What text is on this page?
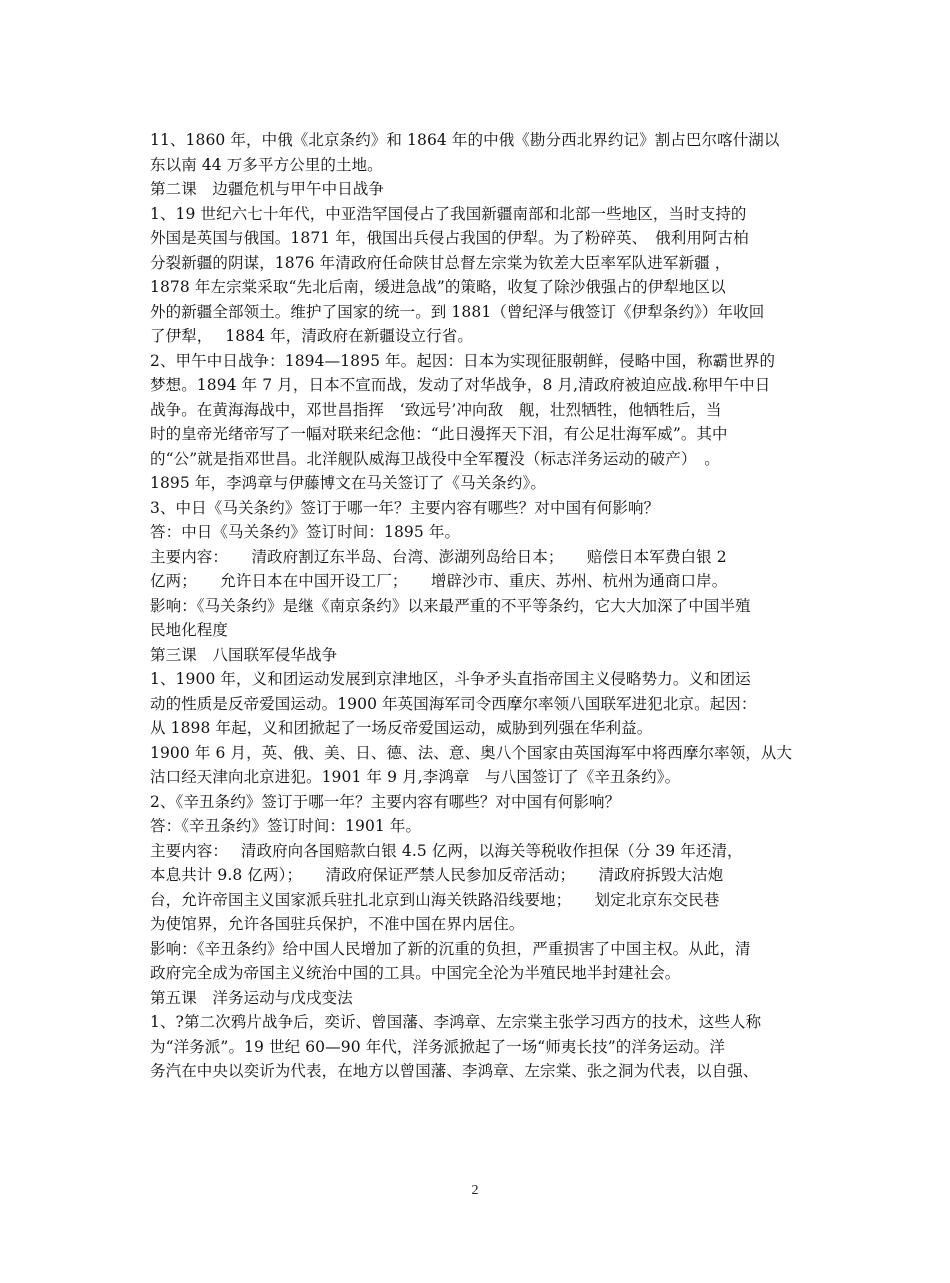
11、1860 年，中俄《北京条约》和 1864 年的中俄《勘分西北界约记》割占巴尔喀什湖以
东以南 44 万多平方公里的土地。
第二课　边疆危机与甲午中日战争
1、19 世纪六七十年代，中亚浩罕国侵占了我国新疆南部和北部一些地区，当时支持的
外国是英国与俄国。1871 年，俄国出兵侵占我国的伊犁。为了粉碎英、　俄利用阿古柏
分裂新疆的阴谋，1876 年清政府任命陕甘总督左宗棠为钦差大臣率军队进军新疆 ，
1878 年左宗棠采取“先北后南，缓进急战”的策略，收复了除沙俄强占的伊犁地区以
外的新疆全部领土。维护了国家的统一。到 1881（曾纪泽与俄签订《伊犁条约》）年收回
了伊犁，　 1884 年，清政府在新疆设立行省。
2、甲午中日战争：1894—1895 年。起因：日本为实现征服朝鲜，侵略中国，称霸世界的
梦想。1894 年 7 月，日本不宣而战，发动了对华战争，8 月,清政府被迫应战.称甲午中日
战争。在黄海海战中，邓世昌指挥　‘致远号’冲向敌　舰，壮烈牺牲，他牺牲后，当
时的皇帝光绪帝写了一幅对联来纪念他：“此日漫挥天下泪，有公足壮海军威”。其中
的“公”就是指邓世昌。北洋舰队威海卫战役中全军覆没（标志洋务运动的破产）　。
1895 年，李鸿章与伊藤博文在马关签订了《马关条约》。
3、中日《马关条约》签订于哪一年？主要内容有哪些？对中国有何影响？
答：中日《马关条约》签订时间：1895 年。
主要内容：　　清政府割辽东半岛、台湾、澎湖列岛给日本；　　赔偿日本军费白银 2
亿两；　　允许日本在中国开设工厂；　　增辟沙市、重庆、苏州、杭州为通商口岸。
影响：《马关条约》是继《南京条约》以来最严重的不平等条约，它大大加深了中国半殖
民地化程度
第三课　八国联军侵华战争
1、1900 年，义和团运动发展到京津地区，斗争矛头直指帝国主义侵略势力。义和团运
动的性质是反帝爱国运动。1900 年英国海军司令西摩尔率领八国联军进犯北京。起因：
从 1898 年起，义和团掀起了一场反帝爱国运动，威胁到列强在华利益。
1900 年 6 月，英、俄、美、日、德、法、意、奥八个国家由英国海军中将西摩尔率领，从大
沽口经天津向北京进犯。1901 年 9 月,李鸿章　与八国签订了《辛丑条约》。
2、《辛丑条约》签订于哪一年？主要内容有哪些？对中国有何影响？
答：《辛丑条约》签订时间：1901 年。
主要内容：　 清政府向各国赔款白银 4.5 亿两，以海关等税收作担保（分 39 年还清，
本息共计 9.8 亿两）；　　清政府保证严禁人民参加反帝活动；　　清政府拆毁大沽炮
台，允许帝国主义国家派兵驻扎北京到山海关铁路沿线要地；　　划定北京东交民巷
为使馆界，允许各国驻兵保护，不准中国在界内居住。
影响：《辛丑条约》给中国人民增加了新的沉重的负担，严重损害了中国主权。从此，清
政府完全成为帝国主义统治中国的工具。中国完全沦为半殖民地半封建社会。
第五课　洋务运动与戊戌变法
1、?第二次鸦片战争后，奕䜣、曾国藩、李鸿章、左宗棠主张学习西方的技术，这些人称
为“洋务派”。19 世纪 60—90 年代，洋务派掀起了一场“师夷长技”的洋务运动。洋
务汽在中央以奕䜣为代表，在地方以曾国藩、李鸿章、左宗棠、张之洞为代表，以自强、
2
